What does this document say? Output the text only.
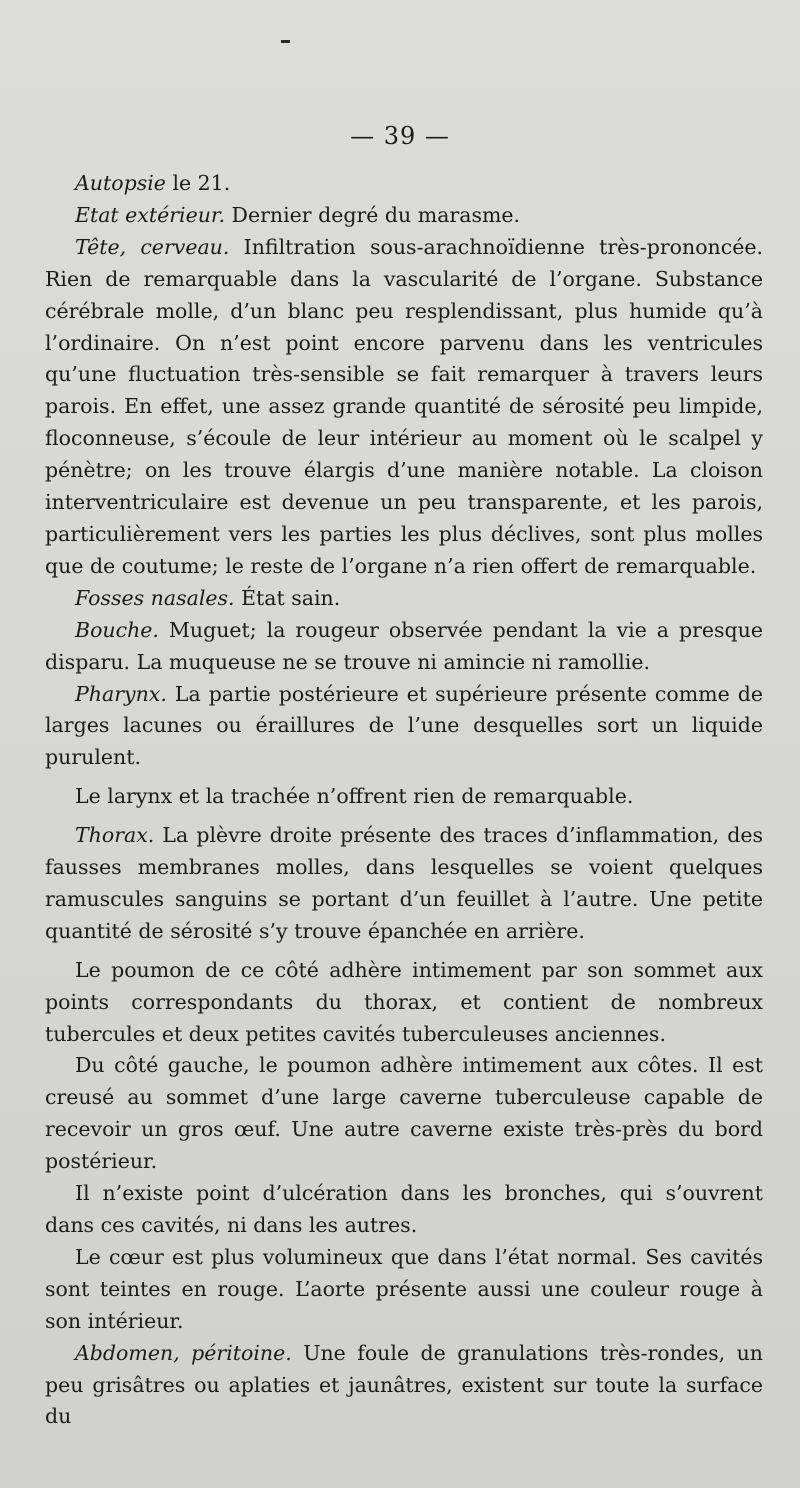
— 39 —

Autopsie le 21.

Etat extérieur. Dernier degré du marasme.

Tête, cerveau. Infiltration sous-arachnoïdienne très-prononcée. Rien de remarquable dans la vascularité de l’organe. Substance cérébrale molle, d’un blanc peu resplendissant, plus humide qu’à l’ordinaire. On n’est point encore parvenu dans les ventricules qu’une fluctuation très-sensible se fait remarquer à travers leurs parois. En effet, une assez grande quantité de sérosité peu limpide, floconneuse, s’écoule de leur intérieur au moment où le scalpel y pénètre; on les trouve élargis d’une manière notable. La cloison interventriculaire est devenue un peu transparente, et les parois, particulièrement vers les parties les plus déclives, sont plus molles que de coutume; le reste de l’organe n’a rien offert de remarquable.

Fosses nasales. État sain.

Bouche. Muguet; la rougeur observée pendant la vie a presque disparu. La muqueuse ne se trouve ni amincie ni ramollie.

Pharynx. La partie postérieure et supérieure présente comme de larges lacunes ou éraillures de l’une desquelles sort un liquide purulent.

Le larynx et la trachée n’offrent rien de remarquable.

Thorax. La plèvre droite présente des traces d’inflammation, des fausses membranes molles, dans lesquelles se voient quelques ramuscules sanguins se portant d’un feuillet à l’autre. Une petite quantité de sérosité s’y trouve épanchée en arrière.

Le poumon de ce côté adhère intimement par son sommet aux points correspondants du thorax, et contient de nombreux tubercules et deux petites cavités tuberculeuses anciennes.

Du côté gauche, le poumon adhère intimement aux côtes. Il est creusé au sommet d’une large caverne tuberculeuse capable de recevoir un gros œuf. Une autre caverne existe très-près du bord postérieur.

Il n’existe point d’ulcération dans les bronches, qui s’ouvrent dans ces cavités, ni dans les autres.

Le cœur est plus volumineux que dans l’état normal. Ses cavités sont teintes en rouge. L’aorte présente aussi une couleur rouge à son intérieur.

Abdomen, péritoine. Une foule de granulations très-rondes, un peu grisâtres ou aplaties et jaunâtres, existent sur toute la surface du
